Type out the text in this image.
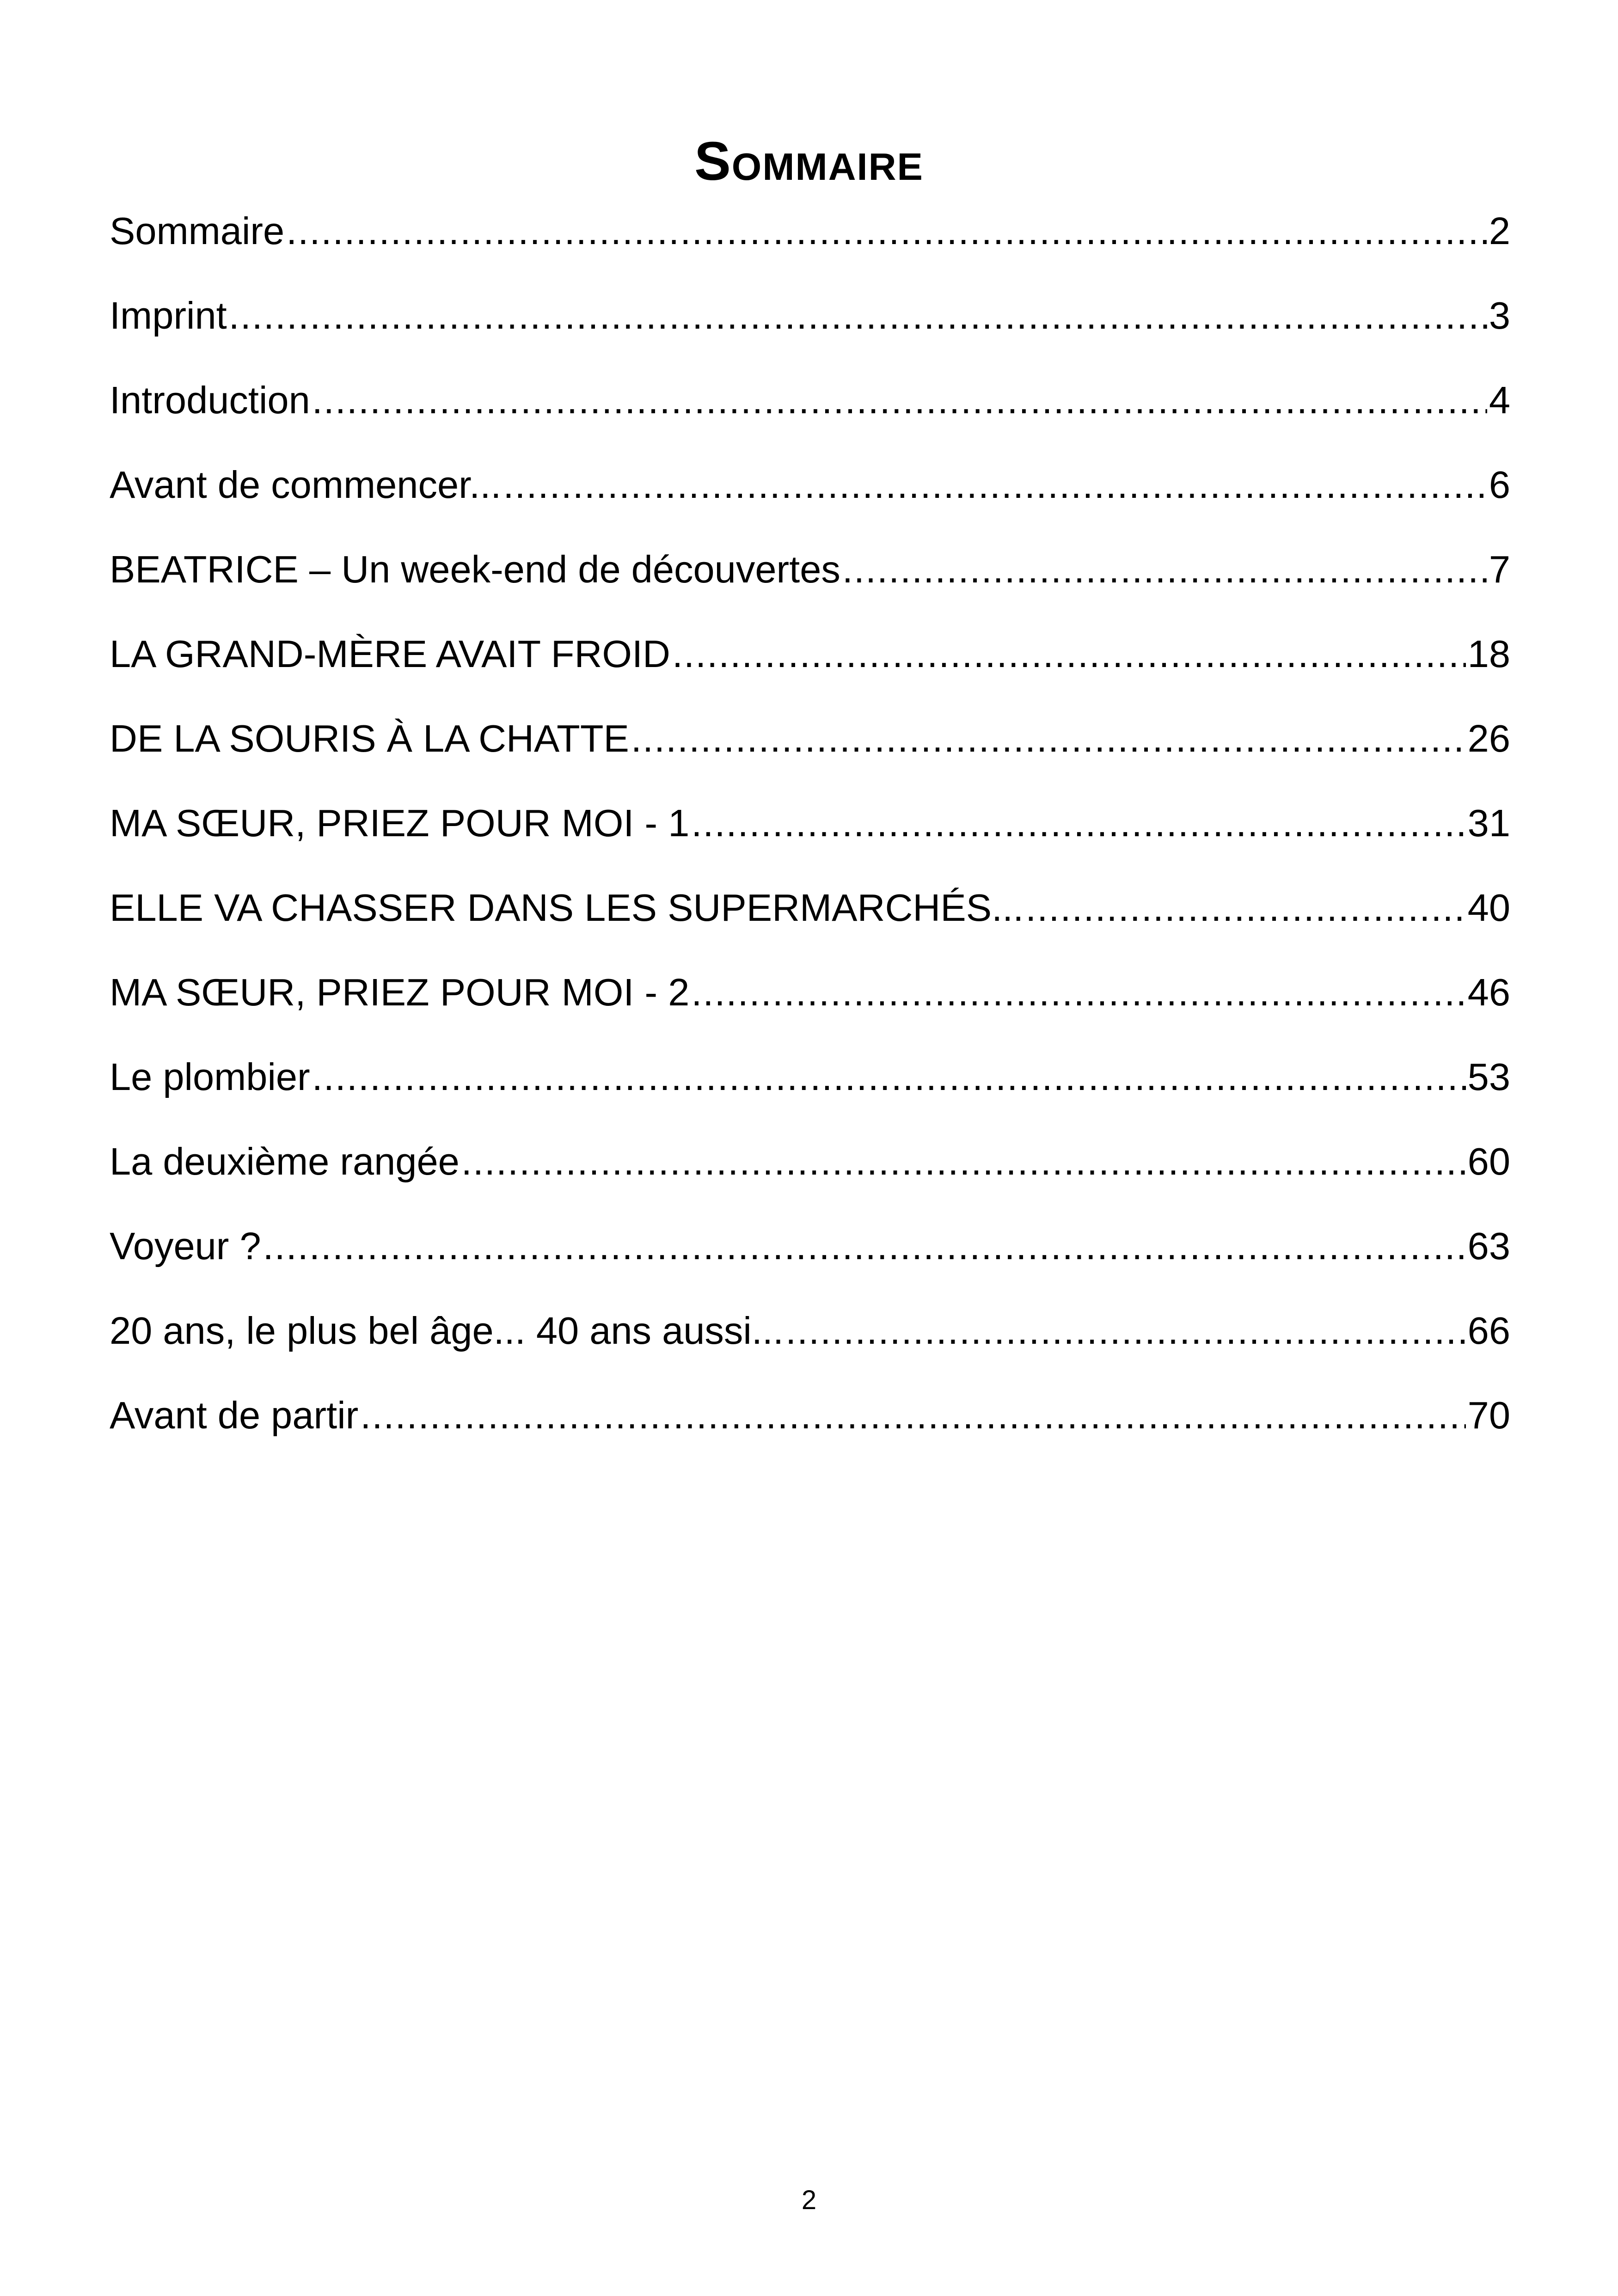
Sommaire
Sommaire .....	2
Imprint .....	3
Introduction .....	4
Avant de commencer... .....	6
BEATRICE – Un week-end de découvertes .....	7
LA GRAND-MÈRE AVAIT FROID .....	18
DE LA SOURIS À LA CHATTE .....	26
MA SŒUR, PRIEZ POUR MOI - 1 .....	31
ELLE VA CHASSER DANS LES SUPERMARCHÉS... .....	40
MA SŒUR, PRIEZ POUR MOI - 2 .....	46
Le plombier .....	53
La deuxième rangée .....	60
Voyeur ? .....	63
20 ans, le plus bel âge... 40 ans aussi... .....	66
Avant de partir .....	70
2
